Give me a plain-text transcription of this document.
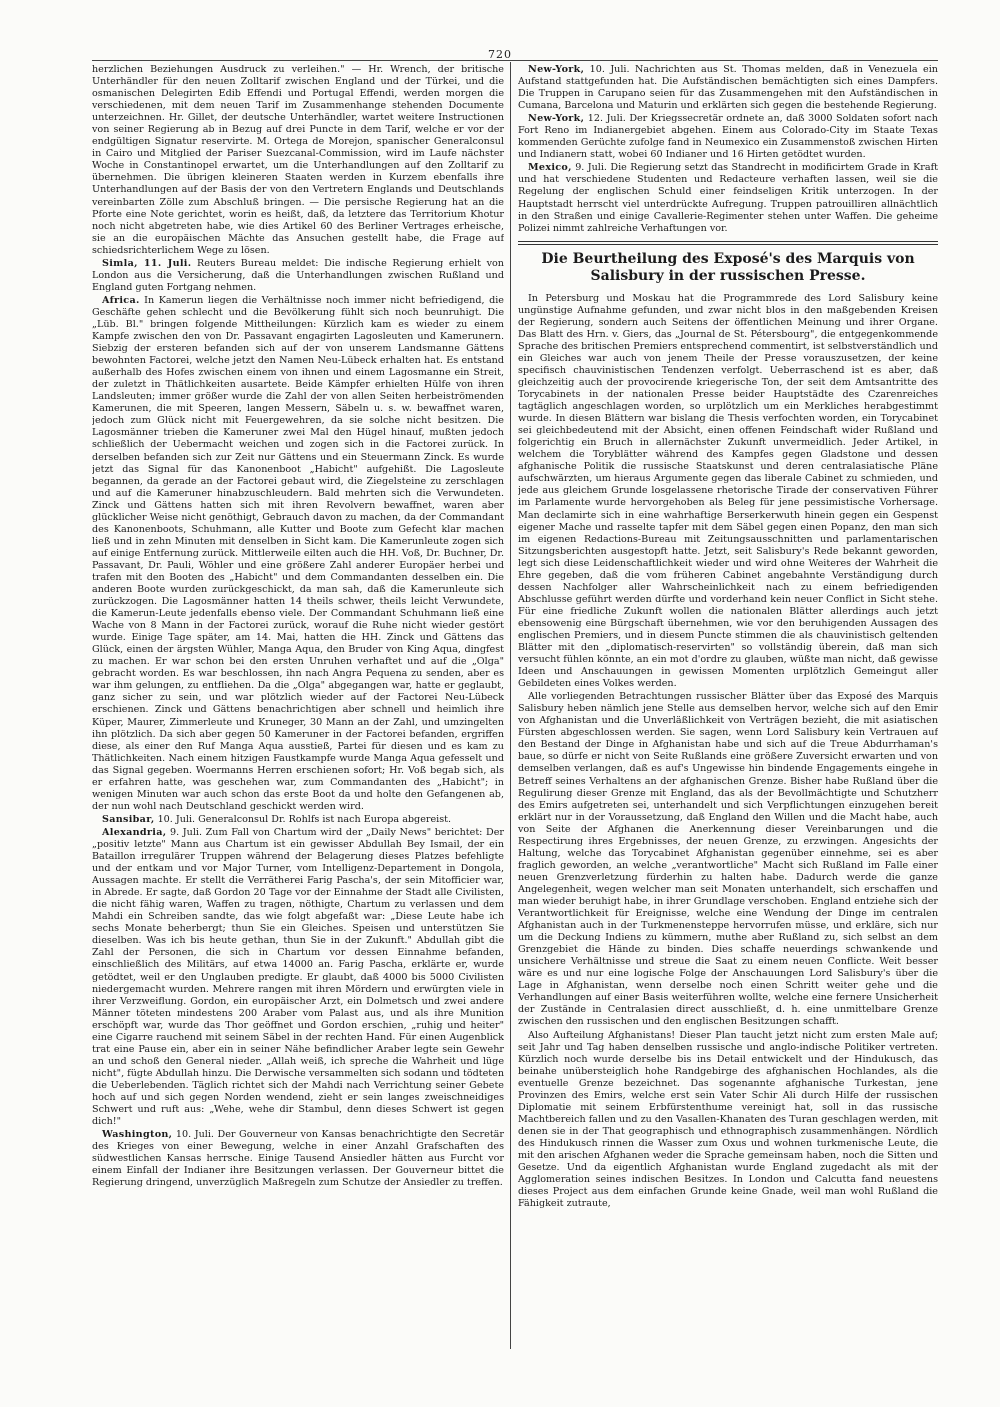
720

herzlichen Beziehungen Ausdruck zu verleihen." — Hr. Wrench, der britische Unterhändler für den neuen Zolltarif zwischen England und der Türkei, und die osmanischen Delegirten Edib Effendi und Portugal Effendi, werden morgen die verschiedenen, mit dem neuen Tarif im Zusammenhange stehenden Documente unterzeichnen. Hr. Gillet, der deutsche Unterhändler, wartet weitere Instructionen von seiner Regierung ab in Bezug auf drei Puncte in dem Tarif, welche er vor der endgültigen Signatur reservirte. M. Ortega de Morejon, spanischer Generalconsul in Cairo und Mitglied der Pariser Suezcanal-Commission, wird im Laufe nächster Woche in Constantinopel erwartet, um die Unterhandlungen auf den Zolltarif zu übernehmen. Die übrigen kleineren Staaten werden in Kurzem ebenfalls ihre Unterhandlungen auf der Basis der von den Vertretern Englands und Deutschlands vereinbarten Zölle zum Abschluß bringen. — Die persische Regierung hat an die Pforte eine Note gerichtet, worin es heißt, daß, da letztere das Territorium Khotur noch nicht abgetreten habe, wie dies Artikel 60 des Berliner Vertrages erheische, sie an die europäischen Mächte das Ansuchen gestellt habe, die Frage auf schiedsrichterlichem Wege zu lösen.

Simla, 11. Juli. Reuters Bureau meldet: Die indische Regierung erhielt von London aus die Versicherung, daß die Unterhandlungen zwischen Rußland und England guten Fortgang nehmen.

Africa. In Kamerun liegen die Verhältnisse noch immer nicht befriedigend, die Geschäfte gehen schlecht und die Bevölkerung fühlt sich noch beunruhigt. Die „Lüb. Bl." bringen folgende Mittheilungen: Kürzlich kam es wieder zu einem Kampfe zwischen den von Dr. Passavant engagirten Lagosleuten und Kamerunern. Siebzig der ersteren befanden sich auf der von unserem Landsmanne Gättens bewohnten Factorei, welche jetzt den Namen Neu-Lübeck erhalten hat. Es entstand außerhalb des Hofes zwischen einem von ihnen und einem Lagosmanne ein Streit, der zuletzt in Thätlichkeiten ausartete. Beide Kämpfer erhielten Hülfe von ihren Landsleuten; immer größer wurde die Zahl der von allen Seiten herbeiströmenden Kamerunen, die mit Speeren, langen Messern, Säbeln u. s. w. bewaffnet waren, jedoch zum Glück nicht mit Feuergewehren, da sie solche nicht besitzen. Die Lagosmänner trieben die Kameruner zwei Mal den Hügel hinauf, mußten jedoch schließlich der Uebermacht weichen und zogen sich in die Factorei zurück. In derselben befanden sich zur Zeit nur Gättens und ein Steuermann Zinck. Es wurde jetzt das Signal für das Kanonenboot „Habicht" aufgehißt. Die Lagosleute begannen, da gerade an der Factorei gebaut wird, die Ziegelsteine zu zerschlagen und auf die Kameruner hinabzuschleudern. Bald mehrten sich die Verwundeten. Zinck und Gättens hatten sich mit ihren Revolvern bewaffnet, waren aber glücklicher Weise nicht genöthigt, Gebrauch davon zu machen, da der Commandant des Kanonenboots, Schuhmann, alle Kutter und Boote zum Gefecht klar machen ließ und in zehn Minuten mit denselben in Sicht kam. Die Kamerunleute zogen sich auf einige Entfernung zurück. Mittlerweile eilten auch die HH. Voß, Dr. Buchner, Dr. Passavant, Dr. Pauli, Wöhler und eine größere Zahl anderer Europäer herbei und trafen mit den Booten des „Habicht" und dem Commandanten desselben ein. Die anderen Boote wurden zurückgeschickt, da man sah, daß die Kamerunleute sich zurückzogen. Die Lagosmänner hatten 14 theils schwer, theils leicht Verwundete, die Kamerun-Leute jedenfalls ebenso viele. Der Commandant Schuhmann ließ eine Wache von 8 Mann in der Factorei zurück, worauf die Ruhe nicht wieder gestört wurde. Einige Tage später, am 14. Mai, hatten die HH. Zinck und Gättens das Glück, einen der ärgsten Wühler, Manga Aqua, den Bruder von King Aqua, dingfest zu machen. Er war schon bei den ersten Unruhen verhaftet und auf die „Olga" gebracht worden. Es war beschlossen, ihn nach Angra Pequena zu senden, aber es war ihm gelungen, zu entfliehen. Da die „Olga" abgegangen war, hatte er geglaubt, ganz sicher zu sein, und war plötzlich wieder auf der Factorei Neu-Lübeck erschienen. Zinck und Gättens benachrichtigen aber schnell und heimlich ihre Küper, Maurer, Zimmerleute und Kruneger, 30 Mann an der Zahl, und umzingelten ihn plötzlich. Da sich aber gegen 50 Kameruner in der Factorei befanden, ergriffen diese, als einer den Ruf Manga Aqua ausstieß, Partei für diesen und es kam zu Thätlichkeiten. Nach einem hitzigen Faustkampfe wurde Manga Aqua gefesselt und das Signal gegeben. Woermanns Herren erschienen sofort; Hr. Voß begab sich, als er erfahren hatte, was geschehen war, zum Commandanten des „Habicht"; in wenigen Minuten war auch schon das erste Boot da und holte den Gefangenen ab, der nun wohl nach Deutschland geschickt werden wird.

Sansibar, 10. Juli. Generalconsul Dr. Rohlfs ist nach Europa abgereist.

Alexandria, 9. Juli. Zum Fall von Chartum wird der „Daily News" berichtet: Der „positiv letzte" Mann aus Chartum ist ein gewisser Abdullah Bey Ismail, der ein Bataillon irregulärer Truppen während der Belagerung dieses Platzes befehligte und der entkam und vor Major Turner, vom Intelligenz-Departement in Dongola, Aussagen machte. Er stellt die Verrätherei Farig Pascha's, der sein Mitofficier war, in Abrede. Er sagte, daß Gordon 20 Tage vor der Einnahme der Stadt alle Civilisten, die nicht fähig waren, Waffen zu tragen, nöthigte, Chartum zu verlassen und dem Mahdi ein Schreiben sandte, das wie folgt abgefaßt war: „Diese Leute habe ich sechs Monate beherbergt; thun Sie ein Gleiches. Speisen und unterstützen Sie dieselben. Was ich bis heute gethan, thun Sie in der Zukunft." Abdullah gibt die Zahl der Personen, die sich in Chartum vor dessen Einnahme befanden, einschließlich des Militärs, auf etwa 14000 an. Farig Pascha, erklärte er, wurde getödtet, weil er den Unglauben predigte. Er glaubt, daß 4000 bis 5000 Civilisten niedergemacht wurden. Mehrere rangen mit ihren Mördern und erwürgten viele in ihrer Verzweiflung. Gordon, ein europäischer Arzt, ein Dolmetsch und zwei andere Männer töteten mindestens 200 Araber vom Palast aus, und als ihre Munition erschöpft war, wurde das Thor geöffnet und Gordon erschien, „ruhig und heiter" eine Cigarre rauchend mit seinem Säbel in der rechten Hand. Für einen Augenblick trat eine Pause ein, aber ein in seiner Nähe befindlicher Araber legte sein Gewehr an und schoß den General nieder. „Allah weiß, ich spreche die Wahrheit und lüge nicht", fügte Abdullah hinzu. Die Derwische versammelten sich sodann und tödteten die Ueberlebenden. Täglich richtet sich der Mahdi nach Verrichtung seiner Gebete hoch auf und sich gegen Norden wendend, zieht er sein langes zweischneidiges Schwert und ruft aus: „Wehe, wehe dir Stambul, denn dieses Schwert ist gegen dich!"

Washington, 10. Juli. Der Gouverneur von Kansas benachrichtigte den Secretär des Krieges von einer Bewegung, welche in einer Anzahl Grafschaften des südwestlichen Kansas herrsche. Einige Tausend Ansiedler hätten aus Furcht vor einem Einfall der Indianer ihre Besitzungen verlassen. Der Gouverneur bittet die Regierung dringend, unverzüglich Maßregeln zum Schutze der Ansiedler zu treffen.

New-York, 10. Juli. Nachrichten aus St. Thomas melden, daß in Venezuela ein Aufstand stattgefunden hat. Die Aufständischen bemächtigten sich eines Dampfers. Die Truppen in Carupano seien für das Zusammengehen mit den Aufständischen in Cumana, Barcelona und Maturin und erklärten sich gegen die bestehende Regierung.

New-York, 12. Juli. Der Kriegssecretär ordnete an, daß 3000 Soldaten sofort nach Fort Reno im Indianergebiet abgehen. Einem aus Colorado-City im Staate Texas kommenden Gerüchte zufolge fand in Neumexico ein Zusammenstoß zwischen Hirten und Indianern statt, wobei 60 Indianer und 16 Hirten getödtet wurden.

Mexico, 9. Juli. Die Regierung setzt das Standrecht in modificirtem Grade in Kraft und hat verschiedene Studenten und Redacteure verhaften lassen, weil sie die Regelung der englischen Schuld einer feindseligen Kritik unterzogen. In der Hauptstadt herrscht viel unterdrückte Aufregung. Truppen patrouilliren allnächtlich in den Straßen und einige Cavallerie-Regimenter stehen unter Waffen. Die geheime Polizei nimmt zahlreiche Verhaftungen vor.

Die Beurtheilung des Exposé's des Marquis von Salisbury in der russischen Presse.

In Petersburg und Moskau hat die Programmrede des Lord Salisbury keine ungünstige Aufnahme gefunden, und zwar nicht blos in den maßgebenden Kreisen der Regierung, sondern auch Seitens der öffentlichen Meinung und ihrer Organe. Das Blatt des Hrn. v. Giers, das „Journal de St. Pétersbourg", die entgegenkommende Sprache des britischen Premiers entsprechend commentirt, ist selbstverständlich und ein Gleiches war auch von jenem Theile der Presse vorauszusetzen, der keine specifisch chauvinistischen Tendenzen verfolgt. Ueberraschend ist es aber, daß gleichzeitig auch der provocirende kriegerische Ton, der seit dem Amtsantritte des Torycabinets in der nationalen Presse beider Hauptstädte des Czarenreiches tagtäglich angeschlagen worden, so urplötzlich um ein Merkliches herabgestimmt wurde. In diesen Blättern war bislang die Thesis verfochten worden, ein Torycabinet sei gleichbedeutend mit der Absicht, einen offenen Feindschaft wider Rußland und folgerichtig ein Bruch in allernächster Zukunft unvermeidlich. Jeder Artikel, in welchem die Toryblätter während des Kampfes gegen Gladstone und dessen afghanische Politik die russische Staatskunst und deren centralasiatische Pläne aufschwärzten, um hieraus Argumente gegen das liberale Cabinet zu schmieden, und jede aus gleichem Grunde losgelassene rhetorische Tirade der conservativen Führer im Parlamente wurde hervorgehoben als Beleg für jene pessimistische Vorhersage. Man declamirte sich in eine wahrhaftige Berserkerwuth hinein gegen ein Gespenst eigener Mache und rasselte tapfer mit dem Säbel gegen einen Popanz, den man sich im eigenen Redactions-Bureau mit Zeitungsausschnitten und parlamentarischen Sitzungsberichten ausgestopft hatte. Jetzt, seit Salisbury's Rede bekannt geworden, legt sich diese Leidenschaftlichkeit wieder und wird ohne Weiteres der Wahrheit die Ehre gegeben, daß die vom früheren Cabinet angebahnte Verständigung durch dessen Nachfolger aller Wahrscheinlichkeit nach zu einem befriedigenden Abschlusse geführt werden dürfte und vorderhand kein neuer Conflict in Sicht stehe. Für eine friedliche Zukunft wollen die nationalen Blätter allerdings auch jetzt ebensowenig eine Bürgschaft übernehmen, wie vor den beruhigenden Aussagen des englischen Premiers, und in diesem Puncte stimmen die als chauvinistisch geltenden Blätter mit den „diplomatisch-reservirten" so vollständig überein, daß man sich versucht fühlen könnte, an ein mot d'ordre zu glauben, wüßte man nicht, daß gewisse Ideen und Anschauungen in gewissen Momenten urplötzlich Gemeingut aller Gebildeten eines Volkes werden.

Alle vorliegenden Betrachtungen russischer Blätter über das Exposé des Marquis Salisbury heben nämlich jene Stelle aus demselben hervor, welche sich auf den Emir von Afghanistan und die Unverläßlichkeit von Verträgen bezieht, die mit asiatischen Fürsten abgeschlossen werden. Sie sagen, wenn Lord Salisbury kein Vertrauen auf den Bestand der Dinge in Afghanistan habe und sich auf die Treue Abdurrhaman's baue, so dürfe er nicht von Seite Rußlands eine größere Zuversicht erwarten und von demselben verlangen, daß es auf's Ungewisse hin bindende Engagements eingehe in Betreff seines Verhaltens an der afghanischen Grenze. Bisher habe Rußland über die Regulirung dieser Grenze mit England, das als der Bevollmächtigte und Schutzherr des Emirs aufgetreten sei, unterhandelt und sich Verpflichtungen einzugehen bereit erklärt nur in der Voraussetzung, daß England den Willen und die Macht habe, auch von Seite der Afghanen die Anerkennung dieser Vereinbarungen und die Respectirung ihres Ergebnisses, der neuen Grenze, zu erzwingen. Angesichts der Haltung, welche das Torycabinet Afghanistan gegenüber einnehme, sei es aber fraglich geworden, an welche „verantwortliche" Macht sich Rußland im Falle einer neuen Grenzverletzung fürderhin zu halten habe. Dadurch werde die ganze Angelegenheit, wegen welcher man seit Monaten unterhandelt, sich erschaffen und man wieder beruhigt habe, in ihrer Grundlage verschoben. England entziehe sich der Verantwortlichkeit für Ereignisse, welche eine Wendung der Dinge im centralen Afghanistan auch in der Turkmenensteppe hervorrufen müsse, und erkläre, sich nur um die Deckung Indiens zu kümmern, muthe aber Rußland zu, sich selbst an dem Grenzgebiet die Hände zu binden. Dies schaffe neuerdings schwankende und unsichere Verhältnisse und streue die Saat zu einem neuen Conflicte. Weit besser wäre es und nur eine logische Folge der Anschauungen Lord Salisbury's über die Lage in Afghanistan, wenn derselbe noch einen Schritt weiter gehe und die Verhandlungen auf einer Basis weiterführen wollte, welche eine fernere Unsicherheit der Zustände in Centralasien direct ausschließt, d. h. eine unmittelbare Grenze zwischen den russischen und den englischen Besitzungen schafft.

Also Aufteilung Afghanistans! Dieser Plan taucht jetzt nicht zum ersten Male auf; seit Jahr und Tag haben denselben russische und anglo-indische Politiker vertreten. Kürzlich noch wurde derselbe bis ins Detail entwickelt und der Hindukusch, das beinahe unübersteiglich hohe Randgebirge des afghanischen Hochlandes, als die eventuelle Grenze bezeichnet. Das sogenannte afghanische Turkestan, jene Provinzen des Emirs, welche erst sein Vater Schir Ali durch Hilfe der russischen Diplomatie mit seinem Erbfürstenthume vereinigt hat, soll in das russische Machtbereich fallen und zu den Vasallen-Khanaten des Turan geschlagen werden, mit denen sie in der That geographisch und ethnographisch zusammenhängen. Nördlich des Hindukusch rinnen die Wasser zum Oxus und wohnen turkmenische Leute, die mit den arischen Afghanen weder die Sprache gemeinsam haben, noch die Sitten und Gesetze. Und da eigentlich Afghanistan wurde England zugedacht als mit der Agglomeration seines indischen Besitzes. In London und Calcutta fand neuestens dieses Project aus dem einfachen Grunde keine Gnade, weil man wohl Rußland die Fähigkeit zutraute,
